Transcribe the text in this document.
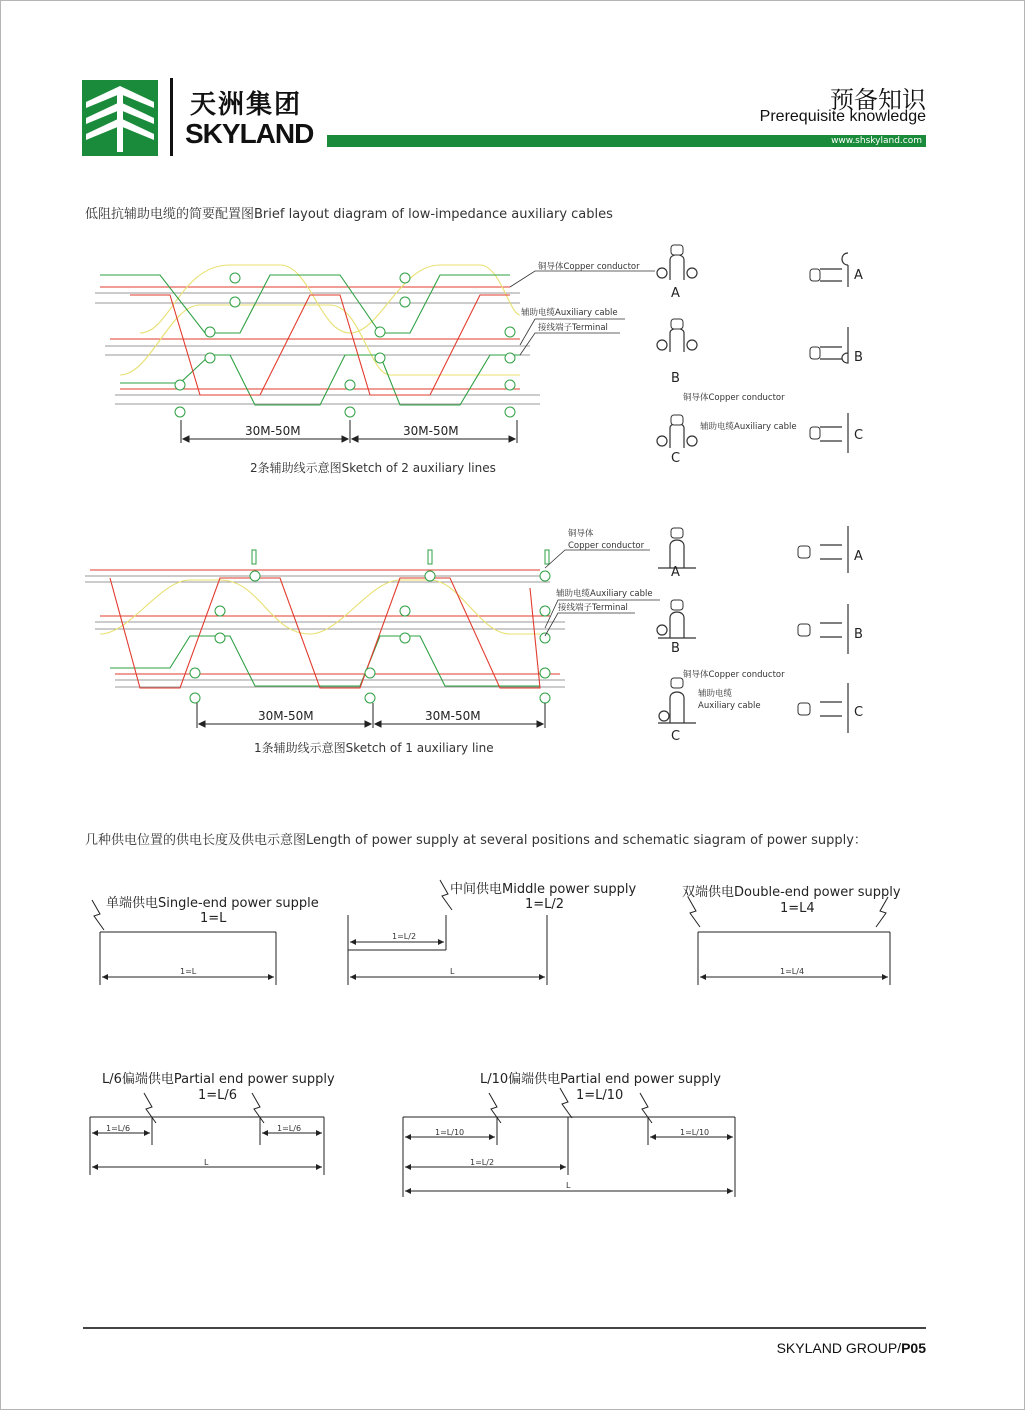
天洲集团
SKYLAND
预备知识
Prerequisite knowledge
www.shskyland.com
低阻抗辅助电缆的简要配置图Brief layout diagram of low-impedance auxiliary cables
30M-50M	30M-50M
2条辅助线示意图Sketch of 2 auxiliary lines
铜导体Copper conductor
辅助电缆Auxiliary cable
接线端子Terminal
铜导体Copper conductor
辅助电缆Auxiliary cable
A
B
C
A
B
C
30M-50M	30M-50M
1条辅助线示意图Sketch of 1 auxiliary line
铜导体
Copper conductor
辅助电缆Auxiliary cable
接线端子Terminal
铜导体Copper conductor
辅助电缆
Auxiliary cable
A
B
C
A
B
C
几种供电位置的供电长度及供电示意图Length of power supply at several positions and schematic siagram of power supply：
单端供电Single-end power supple
1=L
1=L
中间供电Middle power supply
1=L/2
1=L/2
L
双端供电Double-end power supply
1=L4
1=L/4
L/6偏端供电Partial end power supply
1=L/6
1=L/6	1=L/6
L
L/10偏端供电Partial end power supply
1=L/10
1=L/10	1=L/10
1=L/2
L
SKYLAND GROUP/P05
